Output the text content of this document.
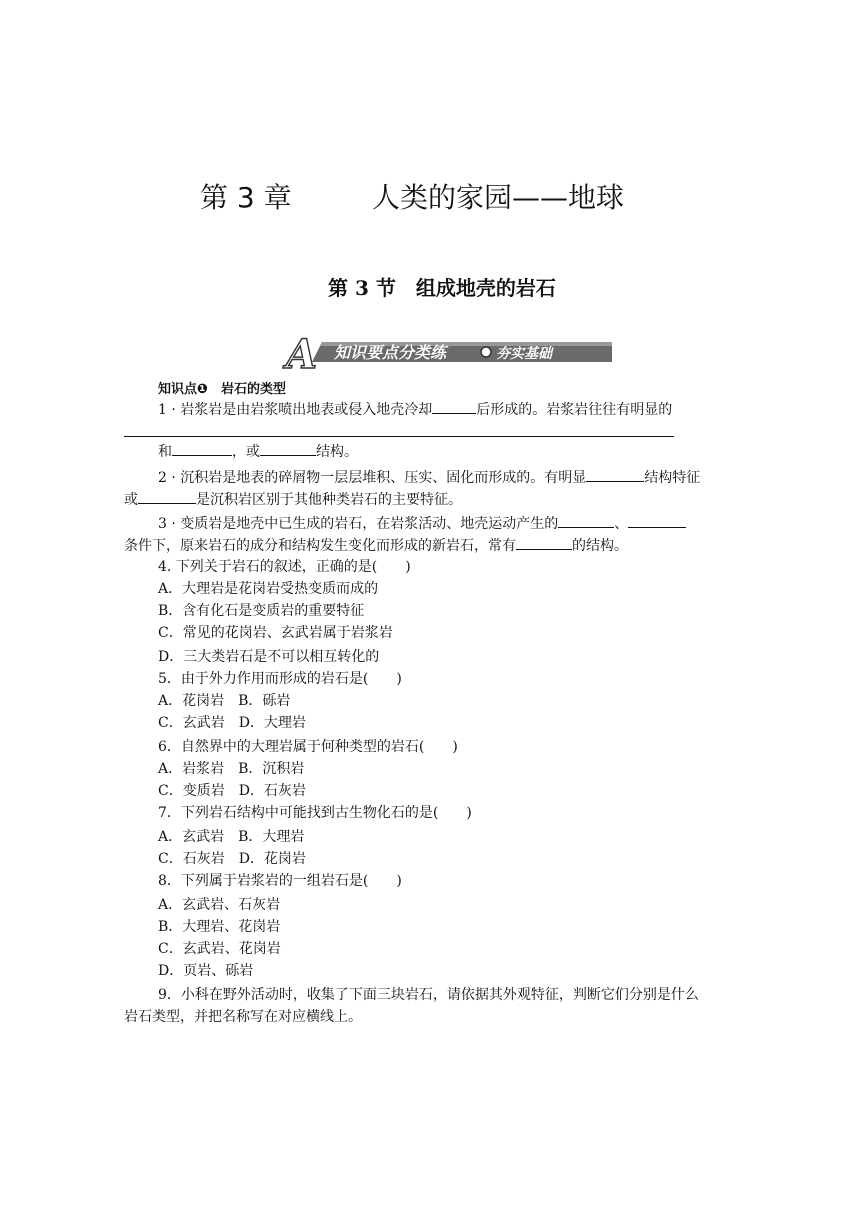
第 3 章	人类的家园——地球
第 3 节　组成地壳的岩石
A 知识要点分类练	夯实基础
知识点❶　岩石的类型
1 · 岩浆岩是由岩浆喷出地表或侵入地壳冷却	后形成的。岩浆岩往往有明显的
和	，或	结构。
2 · 沉积岩是地表的碎屑物一层层堆积、压实、固化而形成的。有明显	结构特征
或	是沉积岩区别于其他种类岩石的主要特征。
3 · 变质岩是地壳中已生成的岩石，在岩浆活动、地壳运动产生的	、
条件下，原来岩石的成分和结构发生变化而形成的新岩石，常有	的结构。
4. 下列关于岩石的叙述，正确的是(　　)
A．大理岩是花岗岩受热变质而成的
B．含有化石是变质岩的重要特征
C．常见的花岗岩、玄武岩属于岩浆岩
D．三大类岩石是不可以相互转化的
5．由于外力作用而形成的岩石是(　　)
A．花岗岩　B．砾岩
C．玄武岩　D．大理岩
6．自然界中的大理岩属于何种类型的岩石(　　)
A．岩浆岩　B．沉积岩
C．变质岩　D．石灰岩
7．下列岩石结构中可能找到古生物化石的是(　　)
A．玄武岩　B．大理岩
C．石灰岩　D．花岗岩
8．下列属于岩浆岩的一组岩石是(　　)
A．玄武岩、石灰岩
B．大理岩、花岗岩
C．玄武岩、花岗岩
D．页岩、砾岩
9．小科在野外活动时，收集了下面三块岩石，请依据其外观特征，判断它们分别是什么
岩石类型，并把名称写在对应横线上。
